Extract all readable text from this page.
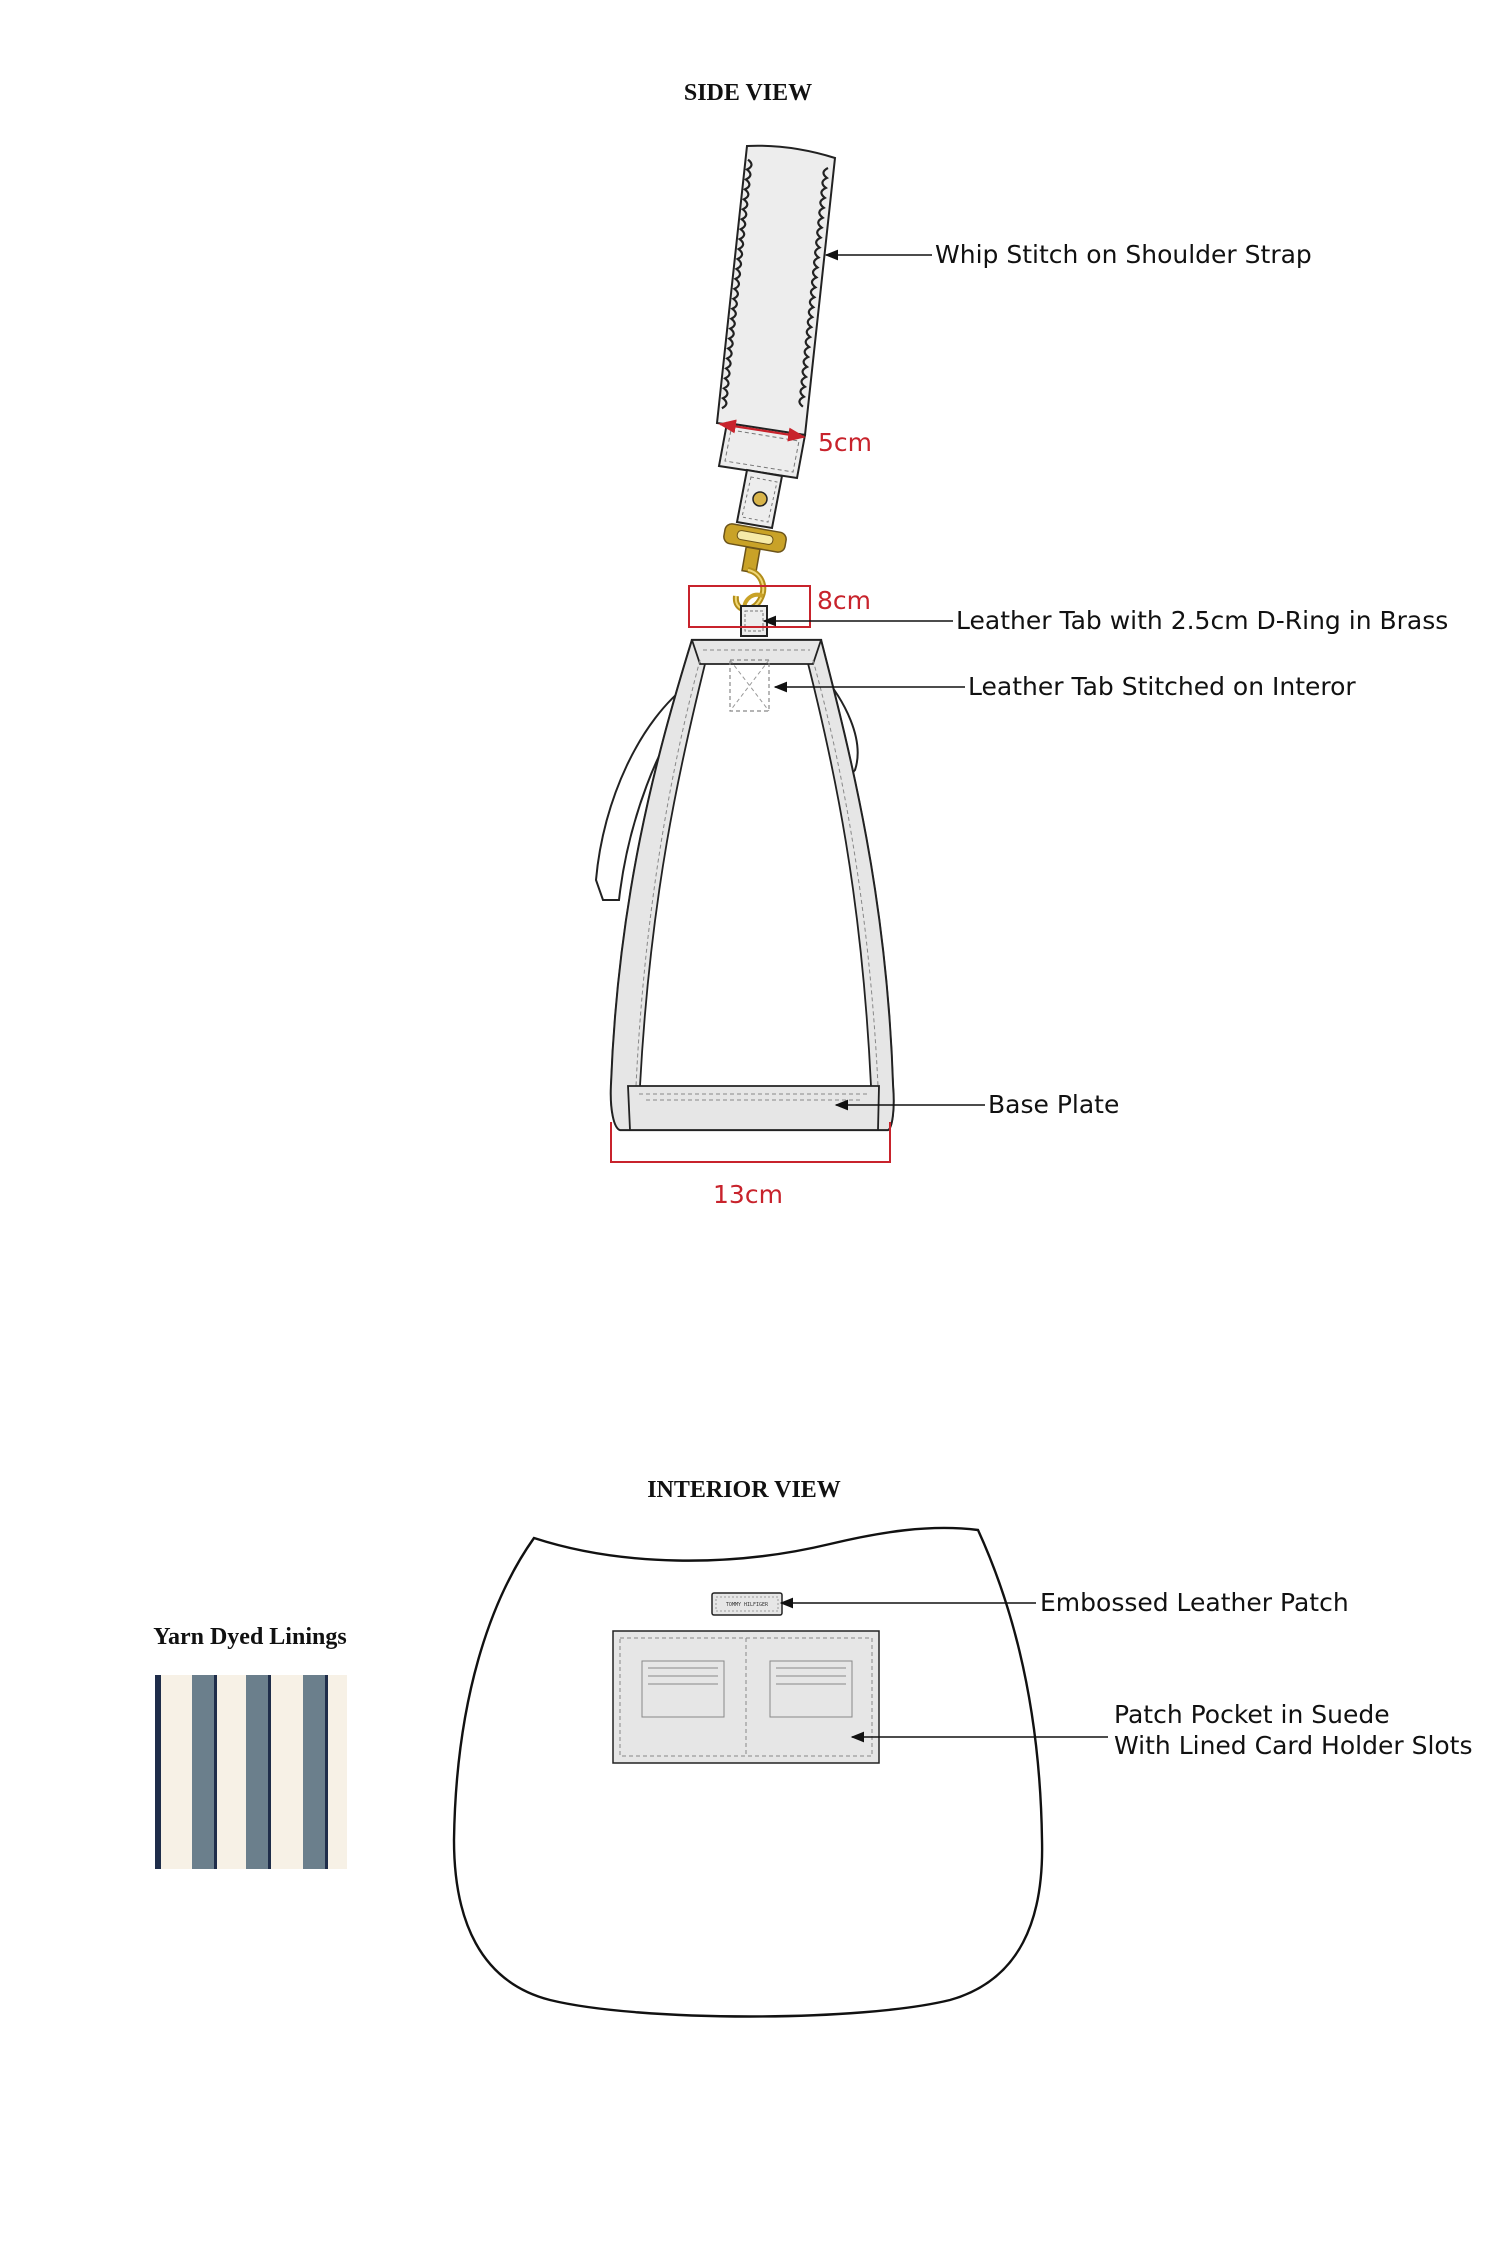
SIDE VIEW
5cm
8cm
13cm
Whip Stitch on Shoulder Strap
Leather Tab with 2.5cm D-Ring in Brass
Leather Tab Stitched on Interor
Base Plate
INTERIOR VIEW
TOMMY HILFIGER	Embossed Leather Patch
Patch Pocket in Suede
With Lined Card Holder Slots
Yarn Dyed Linings
